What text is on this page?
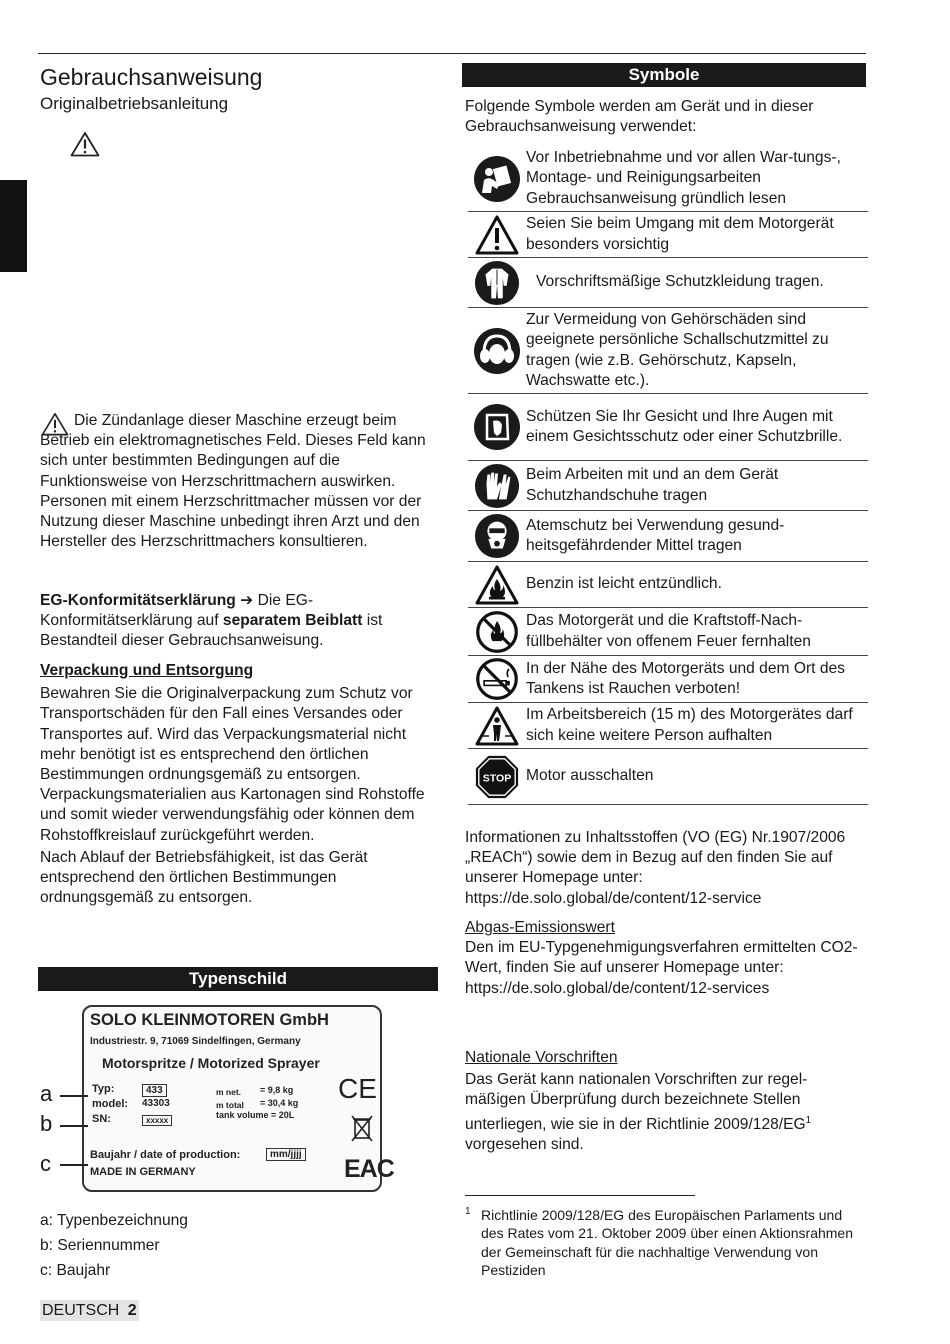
Gebrauchsanweisung
Originalbetriebsanleitung

Die Zündanlage dieser Maschine erzeugt beim Betrieb ein elektromagnetisches Feld. Dieses Feld kann sich unter bestimmten Bedingungen auf die Funktionsweise von Herzschrittmachern auswirken. Personen mit einem Herzschrittmacher müssen vor der Nutzung dieser Maschine unbedingt ihren Arzt und den Hersteller des Herzschrittmachers konsultieren.

EG-Konformitätserklärung ➔ Die EG-Konformitätserklärung auf separatem Beiblatt ist Bestandteil dieser Gebrauchsanweisung.

Verpackung und Entsorgung

Bewahren Sie die Originalverpackung zum Schutz vor Transportschäden für den Fall eines Versandes oder Transportes auf. Wird das Verpackungsmaterial nicht mehr benötigt ist es entsprechend den örtlichen Bestimmungen ordnungsgemäß zu entsorgen. Verpackungsmaterialien aus Kartonagen sind Rohstoffe und somit wieder verwendungsfähig oder können dem Rohstoffkreislauf zurückgeführt werden.

Nach Ablauf der Betriebsfähigkeit, ist das Gerät entsprechend den örtlichen Bestimmungen ordnungsgemäß zu entsorgen.

Typenschild
SOLO KLEINMOTOREN GmbH
Industriestr. 9, 71069 Sindelfingen, Germany
Motorspritze / Motorized Sprayer
Typ:	433
model: 43303
SN:	xxxxx
m net. = 9,8 kg
m total = 30,4 kg
tank volume = 20L
CE
Baujahr / date of production:	mm/jjjj
MADE IN GERMANY	EAC
a
b
c
a: Typenbezeichnung
b: Seriennummer
c: Baujahr
DEUTSCH 2
Symbole

Folgende Symbole werden am Gerät und in dieser Gebrauchsanweisung verwendet:

Vor Inbetriebnahme und vor allen War-tungs-, Montage- und Reinigungsarbeiten Gebrauchsanweisung gründlich lesen
Seien Sie beim Umgang mit dem Motorgerät besonders vorsichtig
Vorschriftsmäßige Schutzkleidung tragen.
Zur Vermeidung von Gehörschäden sind geeignete persönliche Schallschutzmittel zu tragen (wie z.B. Gehörschutz, Kapseln, Wachswatte etc.).
Schützen Sie Ihr Gesicht und Ihre Augen mit einem Gesichtsschutz oder einer Schutzbrille.
Beim Arbeiten mit und an dem Gerät Schutzhandschuhe tragen
Atemschutz bei Verwendung gesund-heitsgefährdender Mittel tragen
Benzin ist leicht entzündlich.
Das Motorgerät und die Kraftstoff-Nach-füllbehälter von offenem Feuer fernhalten
In der Nähe des Motorgeräts und dem Ort des Tankens ist Rauchen verboten!
Im Arbeitsbereich (15 m) des Motorgerätes darf sich keine weitere Person aufhalten
STOP Motor ausschalten

Informationen zu Inhaltsstoffen (VO (EG) Nr.1907/2006 „REACh“) sowie dem in Bezug auf den finden Sie auf unserer Homepage unter: https://de.solo.global/de/content/12-service

Abgas-Emissionswert

Den im EU-Typgenehmigungsverfahren ermittelten CO2-Wert, finden Sie auf unserer Homepage unter: https://de.solo.global/de/content/12-services

Nationale Vorschriften

Das Gerät kann nationalen Vorschriften zur regel-mäßigen Überprüfung durch bezeichnete Stellen unterliegen, wie sie in der Richtlinie $2009/128/EG^1$ vorgesehen sind.

1 Richtlinie 2009/128/EG des Europäischen Parlaments und des Rates vom 21. Oktober 2009 über einen Aktionsrahmen der Gemeinschaft für die nachhaltige Verwendung von Pestiziden
